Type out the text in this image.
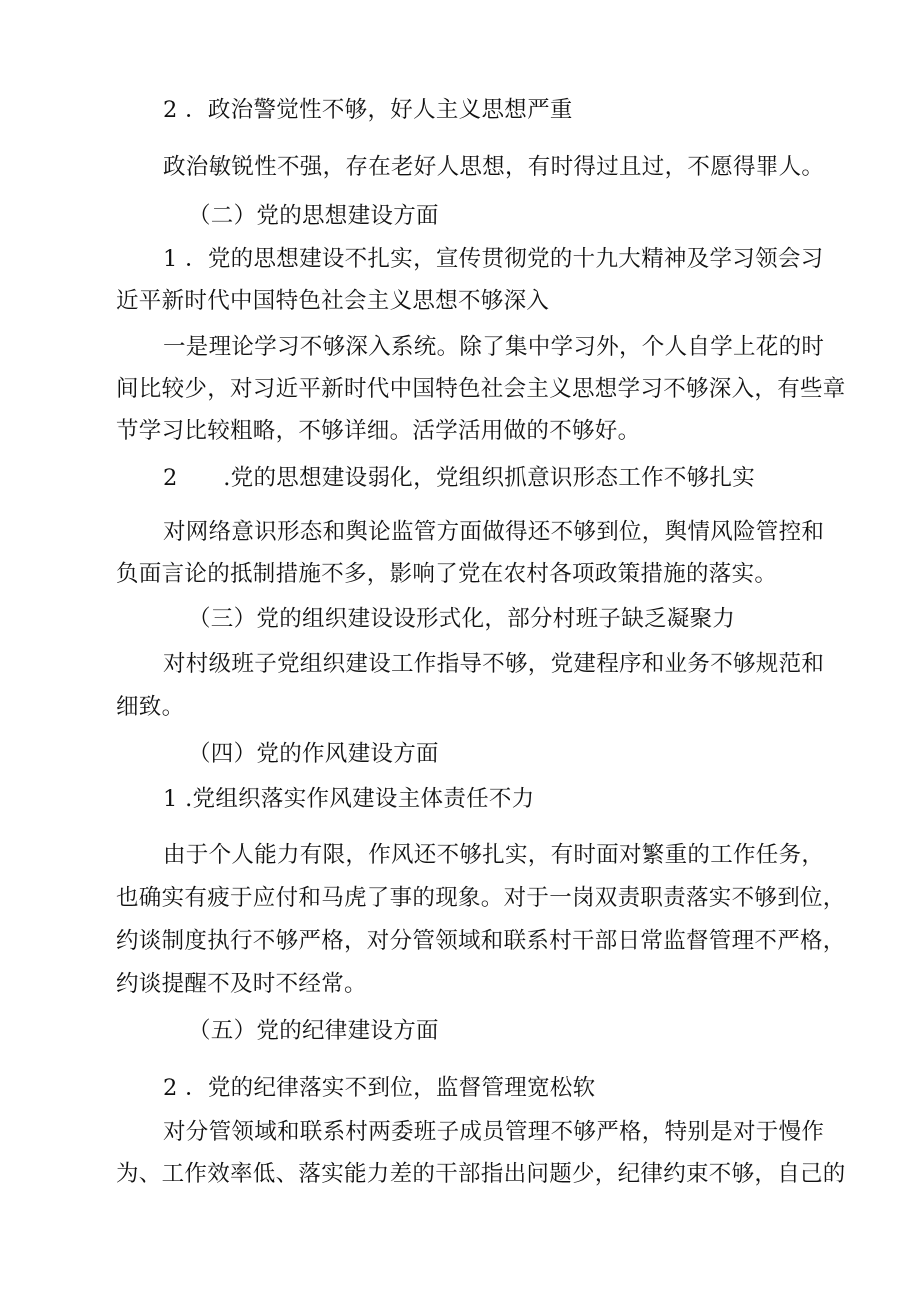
2 ．政治警觉性不够，好人主义思想严重
政治敏锐性不强，存在老好人思想，有时得过且过，不愿得罪人。
（二）党的思想建设方面
1 ．党的思想建设不扎实，宣传贯彻党的十九大精神及学习领会习
近平新时代中国特色社会主义思想不够深入
一是理论学习不够深入系统。除了集中学习外，个人自学上花的时
间比较少，对习近平新时代中国特色社会主义思想学习不够深入，有些章
节学习比较粗略，不够详细。活学活用做的不够好。
2　　.党的思想建设弱化，党组织抓意识形态工作不够扎实
对网络意识形态和舆论监管方面做得还不够到位，舆情风险管控和
负面言论的抵制措施不多，影响了党在农村各项政策措施的落实。
（三）党的组织建设设形式化，部分村班子缺乏凝聚力
对村级班子党组织建设工作指导不够，党建程序和业务不够规范和
细致。
（四）党的作风建设方面
1 .党组织落实作风建设主体责任不力
由于个人能力有限，作风还不够扎实，有时面对繁重的工作任务，
也确实有疲于应付和马虎了事的现象。对于一岗双责职责落实不够到位，
约谈制度执行不够严格，对分管领域和联系村干部日常监督管理不严格，
约谈提醒不及时不经常。
（五）党的纪律建设方面
2 ．党的纪律落实不到位，监督管理宽松软
对分管领域和联系村两委班子成员管理不够严格，特别是对于慢作
为、工作效率低、落实能力差的干部指出问题少，纪律约束不够，自己的
